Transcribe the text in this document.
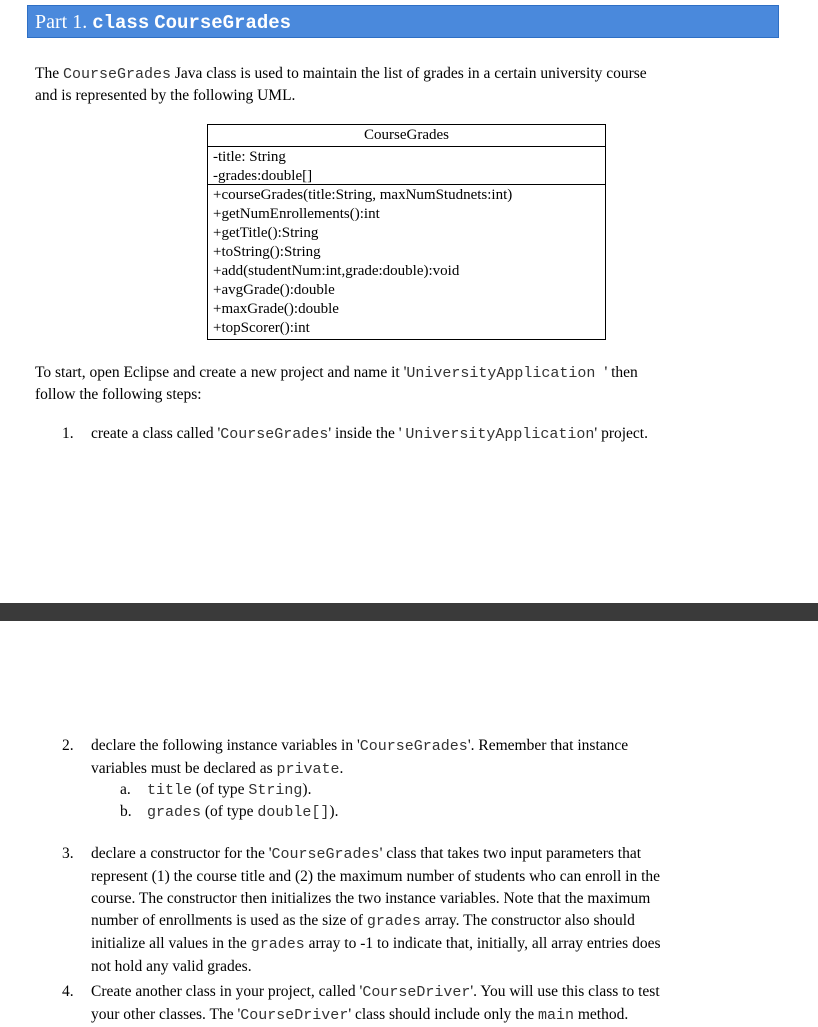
Part 1. class CourseGrades
The CourseGrades Java class is used to maintain the list of grades in a certain university course
and is represented by the following UML.
CourseGrades
-title: String
-grades:double[]
+courseGrades(title:String, maxNumStudnets:int)
+getNumEnrollements():int
+getTitle():String
+toString():String
+add(studentNum:int,grade:double):void
+avgGrade():double
+maxGrade():double
+topScorer():int
To start, open Eclipse and create a new project and name it 'UniversityApplication ' then
follow the following steps:
1. create a class called 'CourseGrades' inside the ' UniversityApplication' project.
2. declare the following instance variables in 'CourseGrades'. Remember that instance
variables must be declared as private.
a. title (of type String).
b. grades (of type double[]).
3. declare a constructor for the 'CourseGrades' class that takes two input parameters that
represent (1) the course title and (2) the maximum number of students who can enroll in the
course. The constructor then initializes the two instance variables. Note that the maximum
number of enrollments is used as the size of grades array. The constructor also should
initialize all values in the grades array to -1 to indicate that, initially, all array entries does
not hold any valid grades.
4. Create another class in your project, called 'CourseDriver'. You will use this class to test
your other classes. The 'CourseDriver' class should include only the main method.
